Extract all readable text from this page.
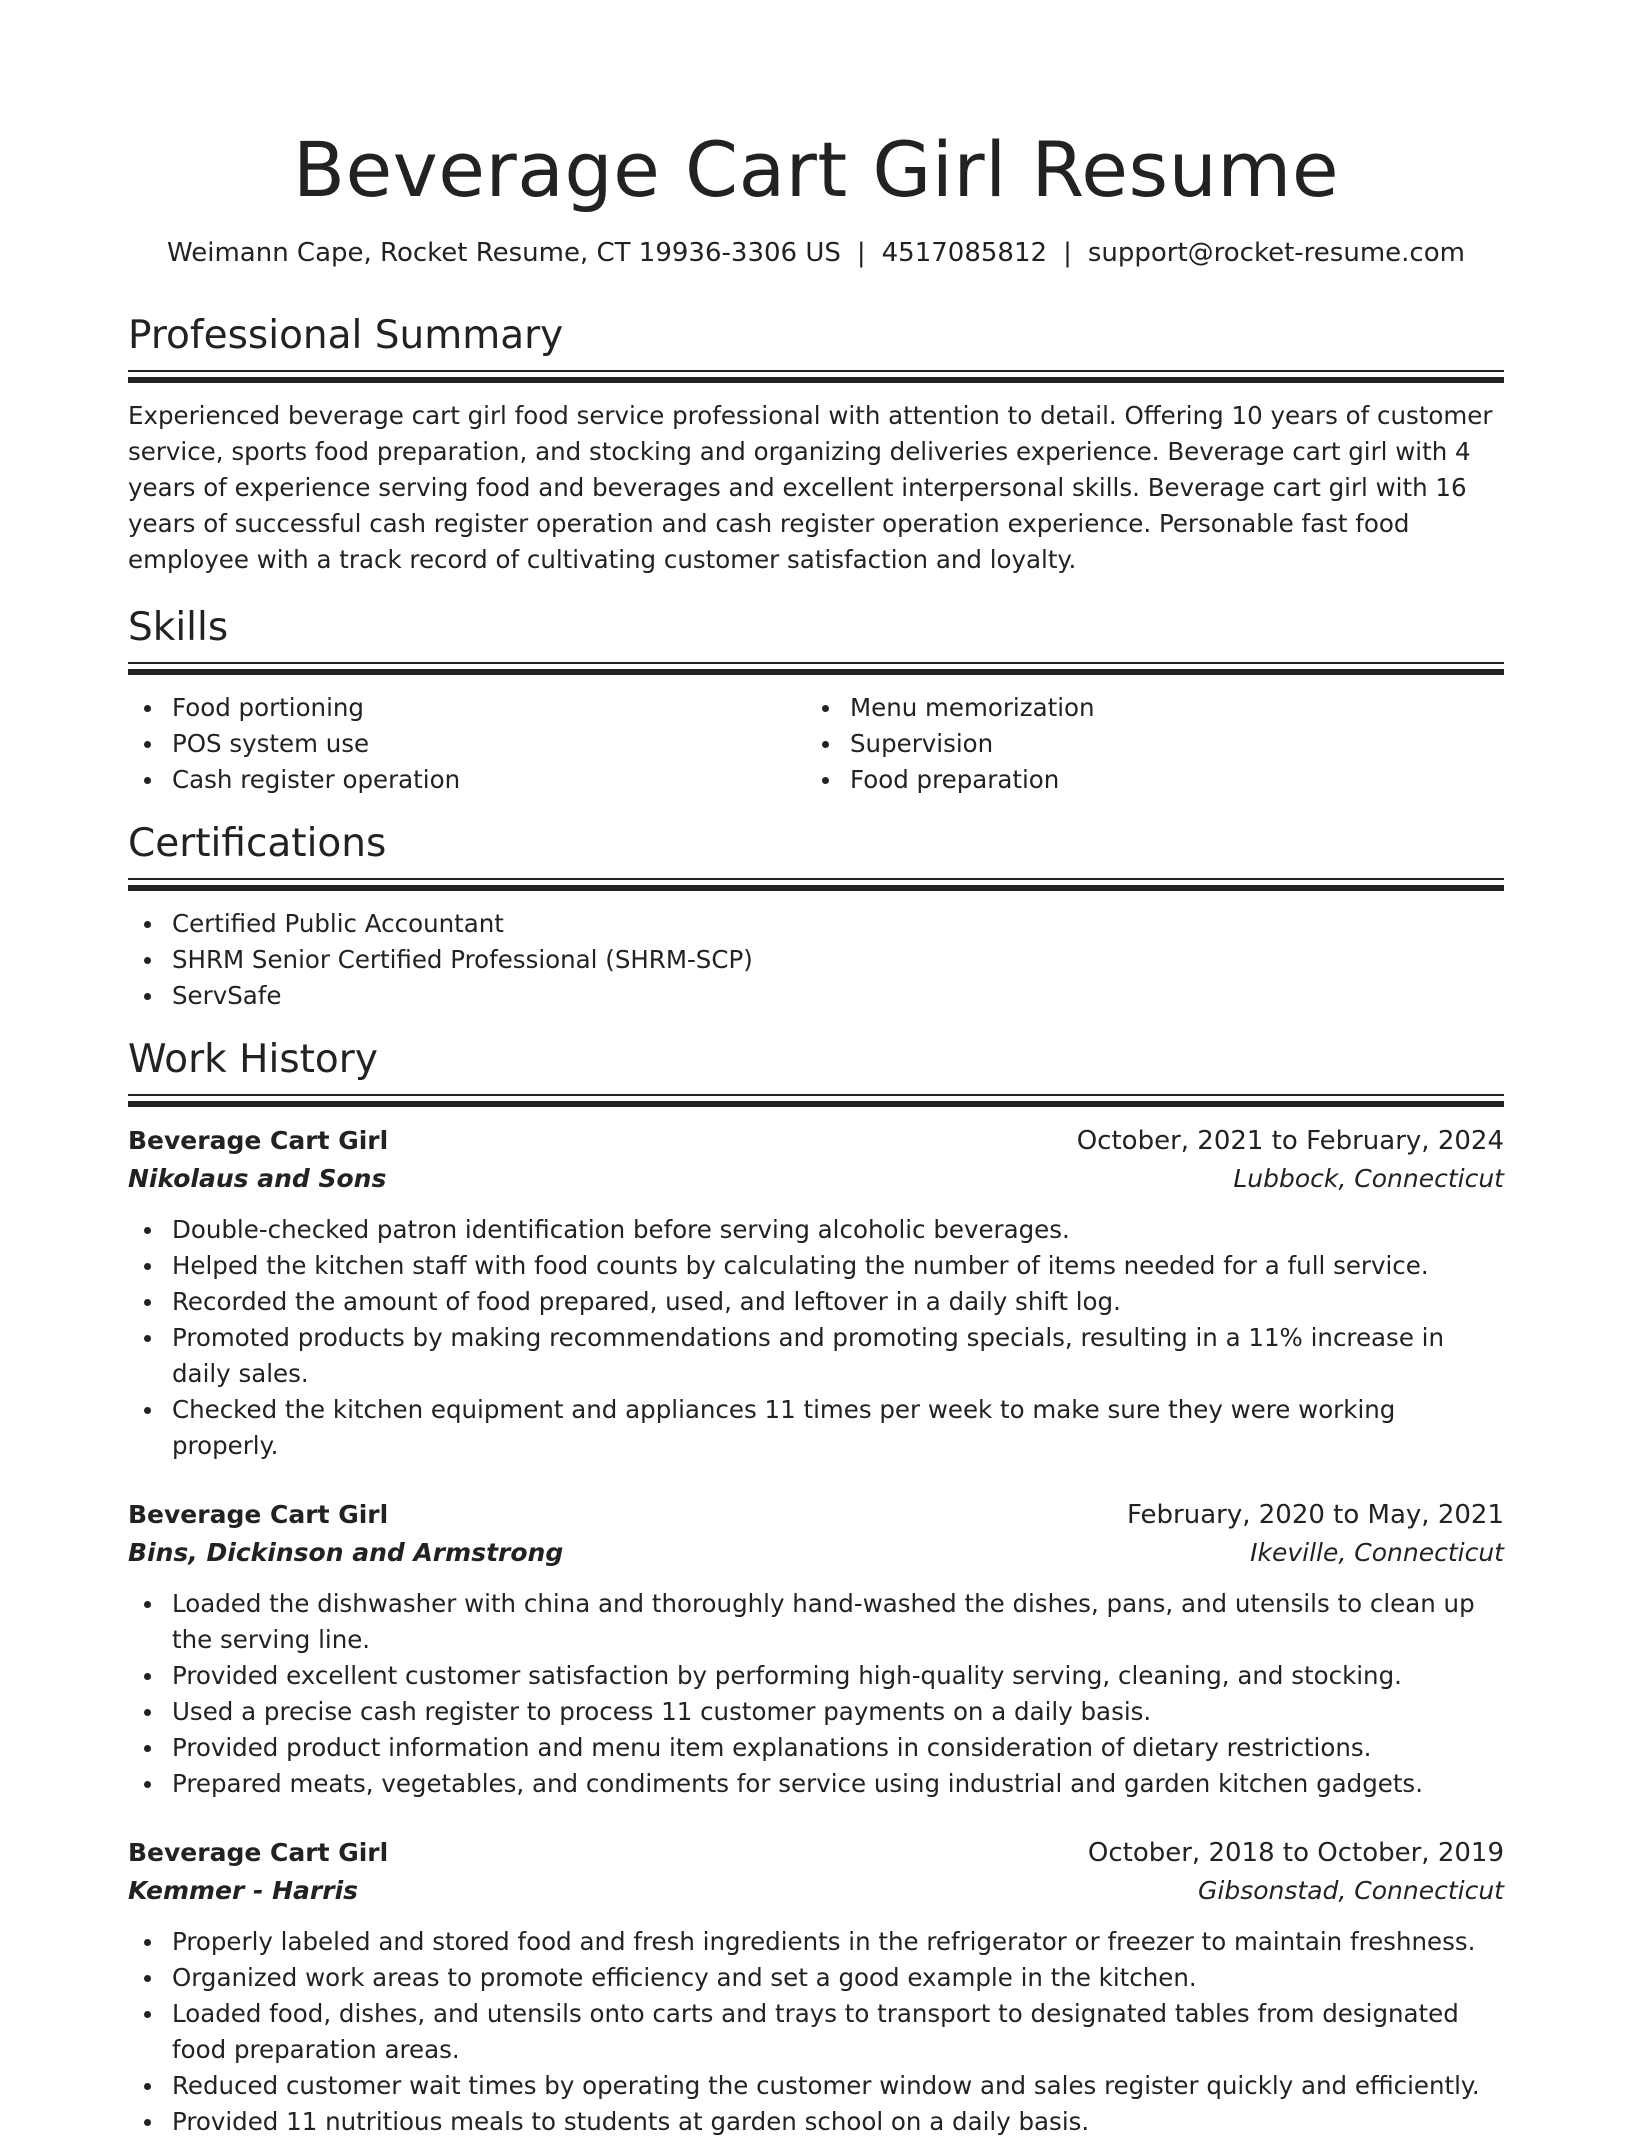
Beverage Cart Girl Resume
Weimann Cape, Rocket Resume, CT 19936-3306 US | 4517085812 | support@rocket-resume.com
Professional Summary

Experienced beverage cart girl food service professional with attention to detail. Offering 10 years of customer service, sports food preparation, and stocking and organizing deliveries experience. Beverage cart girl with 4 years of experience serving food and beverages and excellent interpersonal skills. Beverage cart girl with 16 years of successful cash register operation and cash register operation experience. Personable fast food employee with a track record of cultivating customer satisfaction and loyalty.

Skills
Food portioning
POS system use
Cash register operation
Menu memorization
Supervision
Food preparation
Certifications
Certified Public Accountant
SHRM Senior Certified Professional (SHRM-SCP)
ServSafe
Work History
Beverage Cart Girl	October, 2021 to February, 2024
Nikolaus and Sons	Lubbock, Connecticut
Double-checked patron identification before serving alcoholic beverages.
Helped the kitchen staff with food counts by calculating the number of items needed for a full service.
Recorded the amount of food prepared, used, and leftover in a daily shift log.
Promoted products by making recommendations and promoting specials, resulting in a 11% increase in daily sales.
Checked the kitchen equipment and appliances 11 times per week to make sure they were working properly.
Beverage Cart Girl	February, 2020 to May, 2021
Bins, Dickinson and Armstrong	Ikeville, Connecticut
Loaded the dishwasher with china and thoroughly hand-washed the dishes, pans, and utensils to clean up the serving line.
Provided excellent customer satisfaction by performing high-quality serving, cleaning, and stocking.
Used a precise cash register to process 11 customer payments on a daily basis.
Provided product information and menu item explanations in consideration of dietary restrictions.
Prepared meats, vegetables, and condiments for service using industrial and garden kitchen gadgets.
Beverage Cart Girl	October, 2018 to October, 2019
Kemmer - Harris	Gibsonstad, Connecticut
Properly labeled and stored food and fresh ingredients in the refrigerator or freezer to maintain freshness.
Organized work areas to promote efficiency and set a good example in the kitchen.
Loaded food, dishes, and utensils onto carts and trays to transport to designated tables from designated food preparation areas.
Reduced customer wait times by operating the customer window and sales register quickly and efficiently.
Provided 11 nutritious meals to students at garden school on a daily basis.
